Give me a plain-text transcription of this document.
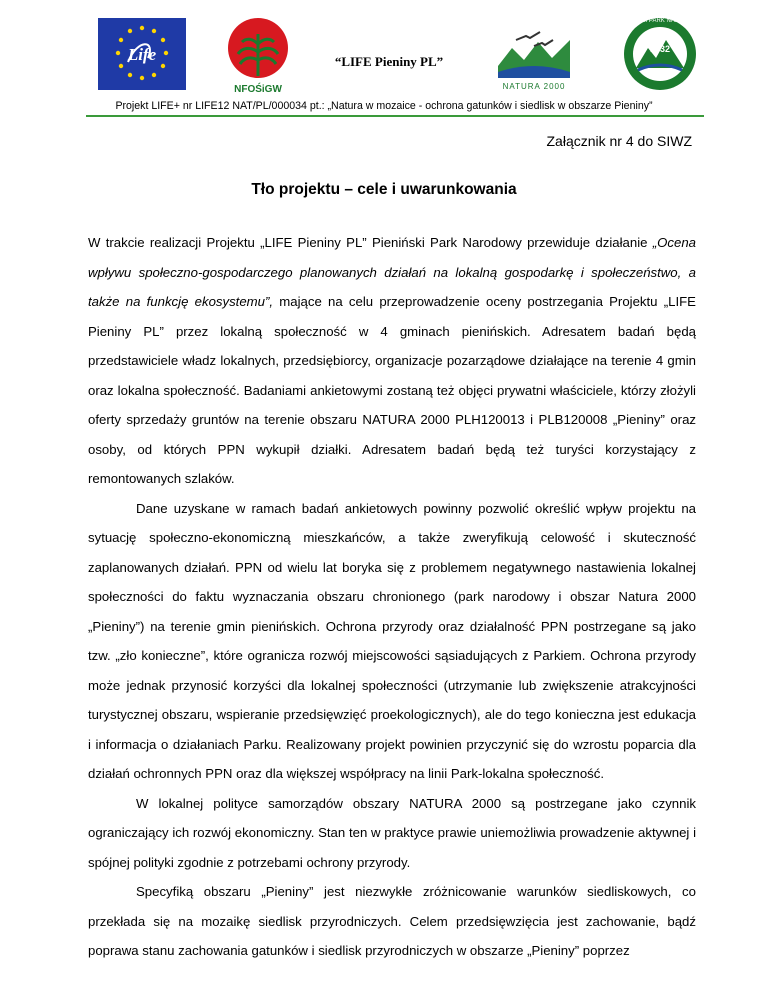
Life
NFOŚiGW	NATURA 2000
PIENIŃSKI PARK NARODOWY
1932
“LIFE Pieniny PL”
Projekt LIFE+ nr LIFE12 NAT/PL/000034 pt.: „Natura w mozaice - ochrona gatunków i siedlisk w obszarze Pieniny”
Załącznik nr 4 do SIWZ
Tło projektu – cele i uwarunkowania

W trakcie realizacji Projektu „LIFE Pieniny PL” Pieniński Park Narodowy przewiduje działanie „Ocena wpływu społeczno-gospodarczego planowanych działań na lokalną gospodarkę i społeczeństwo, a także na funkcję ekosystemu”, mające na celu przeprowadzenie oceny postrzegania Projektu „LIFE Pieniny PL” przez lokalną społeczność w 4 gminach pienińskich. Adresatem badań będą przedstawiciele władz lokalnych, przedsiębiorcy, organizacje pozarządowe działające na terenie 4 gmin oraz lokalna społeczność. Badaniami ankietowymi zostaną też objęci prywatni właściciele, którzy złożyli oferty sprzedaży gruntów na terenie obszaru NATURA 2000 PLH120013 i PLB120008 „Pieniny” oraz osoby, od których PPN wykupił działki. Adresatem badań będą też turyści korzystający z remontowanych szlaków.

Dane uzyskane w ramach badań ankietowych powinny pozwolić określić wpływ projektu na sytuację społeczno-ekonomiczną mieszkańców, a także zweryfikują celowość i skuteczność zaplanowanych działań. PPN od wielu lat boryka się z problemem negatywnego nastawienia lokalnej społeczności do faktu wyznaczania obszaru chronionego (park narodowy i obszar Natura 2000 „Pieniny”) na terenie gmin pienińskich. Ochrona przyrody oraz działalność PPN postrzegane są jako tzw. „zło konieczne”, które ogranicza rozwój miejscowości sąsiadujących z Parkiem. Ochrona przyrody może jednak przynosić korzyści dla lokalnej społeczności (utrzymanie lub zwiększenie atrakcyjności turystycznej obszaru, wspieranie przedsięwzięć proekologicznych), ale do tego konieczna jest edukacja i informacja o działaniach Parku. Realizowany projekt powinien przyczynić się do wzrostu poparcia dla działań ochronnych PPN oraz dla większej współpracy na linii Park-lokalna społeczność.

W lokalnej polityce samorządów obszary NATURA 2000 są postrzegane jako czynnik ograniczający ich rozwój ekonomiczny. Stan ten w praktyce prawie uniemożliwia prowadzenie aktywnej i spójnej polityki zgodnie z potrzebami ochrony przyrody.

Specyfiką obszaru „Pieniny” jest niezwykłe zróżnicowanie warunków siedliskowych, co przekłada się na mozaikę siedlisk przyrodniczych. Celem przedsięwzięcia jest zachowanie, bądź poprawa stanu zachowania gatunków i siedlisk przyrodniczych w obszarze „Pieniny” poprzez
